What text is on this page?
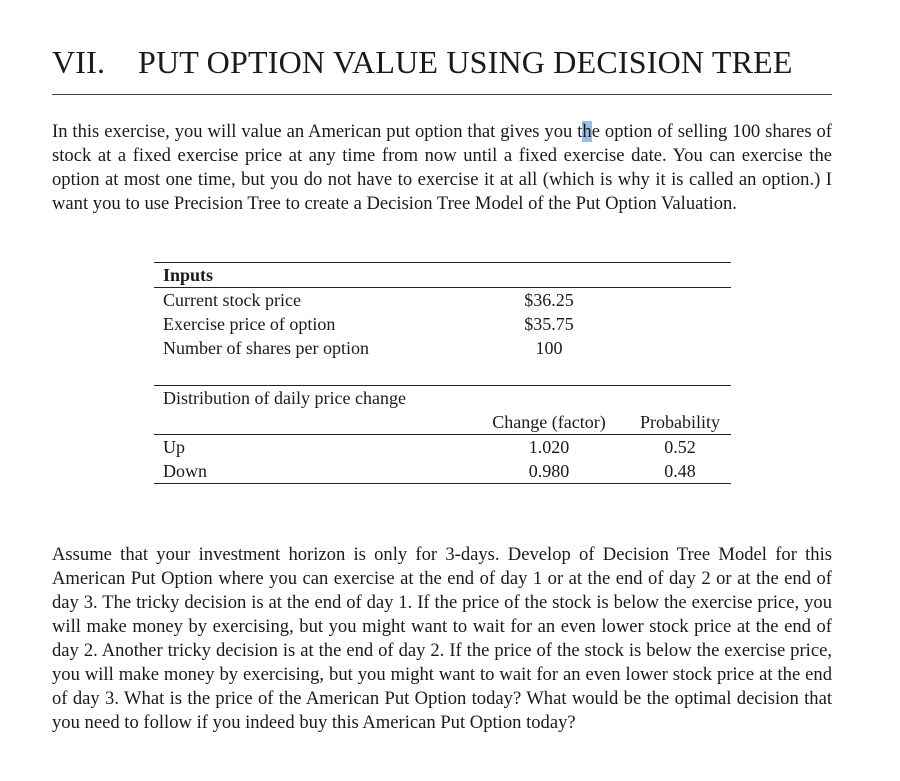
VII. PUT OPTION VALUE USING DECISION TREE

In this exercise, you will value an American put option that gives you the option of selling 100 shares of stock at a fixed exercise price at any time from now until a fixed exercise date. You can exercise the option at most one time, but you do not have to exercise it at all (which is why it is called an option.) I want you to use Precision Tree to create a Decision Tree Model of the Put Option Valuation.

Inputs		
Current stock price	$36.25	
Exercise price of option	$35.75	
Number of shares per option	100	
Distribution of daily price change		
	Change (factor)	Probability
Up	1.020	0.52
Down	0.980	0.48

Assume that your investment horizon is only for 3-days. Develop of Decision Tree Model for this American Put Option where you can exercise at the end of day 1 or at the end of day 2 or at the end of day 3. The tricky decision is at the end of day 1. If the price of the stock is below the exercise price, you will make money by exercising, but you might want to wait for an even lower stock price at the end of day 2. Another tricky decision is at the end of day 2. If the price of the stock is below the exercise price, you will make money by exercising, but you might want to wait for an even lower stock price at the end of day 3. What is the price of the American Put Option today? What would be the optimal decision that you need to follow if you indeed buy this American Put Option today?
